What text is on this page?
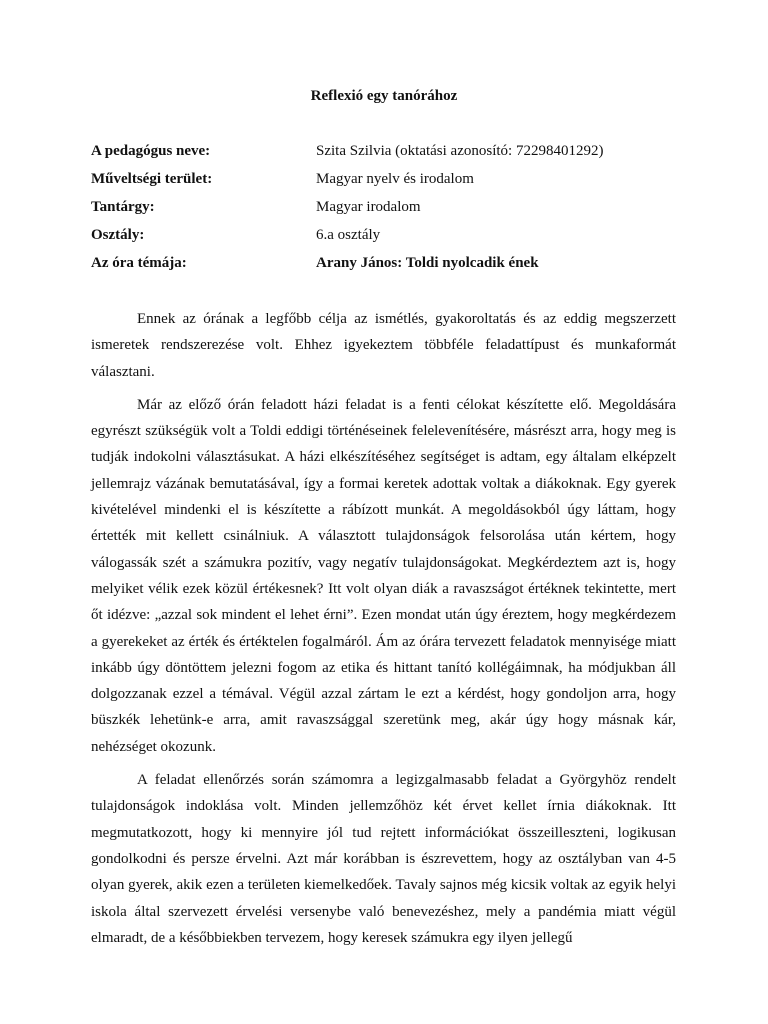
Reflexió egy tanórához
A pedagógus neve:	Szita Szilvia (oktatási azonosító: 72298401292)
Műveltségi terület:	Magyar nyelv és irodalom
Tantárgy:	Magyar irodalom
Osztály:	6.a osztály
Az óra témája:	Arany János: Toldi nyolcadik ének

Ennek az órának a legfőbb célja az ismétlés, gyakoroltatás és az eddig megszerzett ismeretek rendszerezése volt. Ehhez igyekeztem többféle feladattípust és munkaformát választani.

Már az előző órán feladott házi feladat is a fenti célokat készítette elő. Megoldására egyrészt szükségük volt a Toldi eddigi történéseinek felelevenítésére, másrészt arra, hogy meg is tudják indokolni választásukat. A házi elkészítéséhez segítséget is adtam, egy általam elképzelt jellemrajz vázának bemutatásával, így a formai keretek adottak voltak a diákoknak. Egy gyerek kivételével mindenki el is készítette a rábízott munkát. A megoldásokból úgy láttam, hogy értették mit kellett csinálniuk. A választott tulajdonságok felsorolása után kértem, hogy válogassák szét a számukra pozitív, vagy negatív tulajdonságokat. Megkérdeztem azt is, hogy melyiket vélik ezek közül értékesnek? Itt volt olyan diák a ravaszságot értéknek tekintette, mert őt idézve: „azzal sok mindent el lehet érni”. Ezen mondat után úgy éreztem, hogy megkérdezem a gyerekeket az érték és értéktelen fogalmáról. Ám az órára tervezett feladatok mennyisége miatt inkább úgy döntöttem jelezni fogom az etika és hittant tanító kollégáimnak, ha módjukban áll dolgozzanak ezzel a témával. Végül azzal zártam le ezt a kérdést, hogy gondoljon arra, hogy büszkék lehetünk-e arra, amit ravaszsággal szeretünk meg, akár úgy hogy másnak kár, nehézséget okozunk.

A feladat ellenőrzés során számomra a legizgalmasabb feladat a Györgyhöz rendelt tulajdonságok indoklása volt. Minden jellemzőhöz két érvet kellet írnia diákoknak. Itt megmutatkozott, hogy ki mennyire jól tud rejtett információkat összeilleszteni, logikusan gondolkodni és persze érvelni. Azt már korábban is észrevettem, hogy az osztályban van 4-5 olyan gyerek, akik ezen a területen kiemelkedőek. Tavaly sajnos még kicsik voltak az egyik helyi iskola által szervezett érvelési versenybe való benevezéshez, mely a pandémia miatt végül elmaradt, de a későbbiekben tervezem, hogy keresek számukra egy ilyen jellegű
